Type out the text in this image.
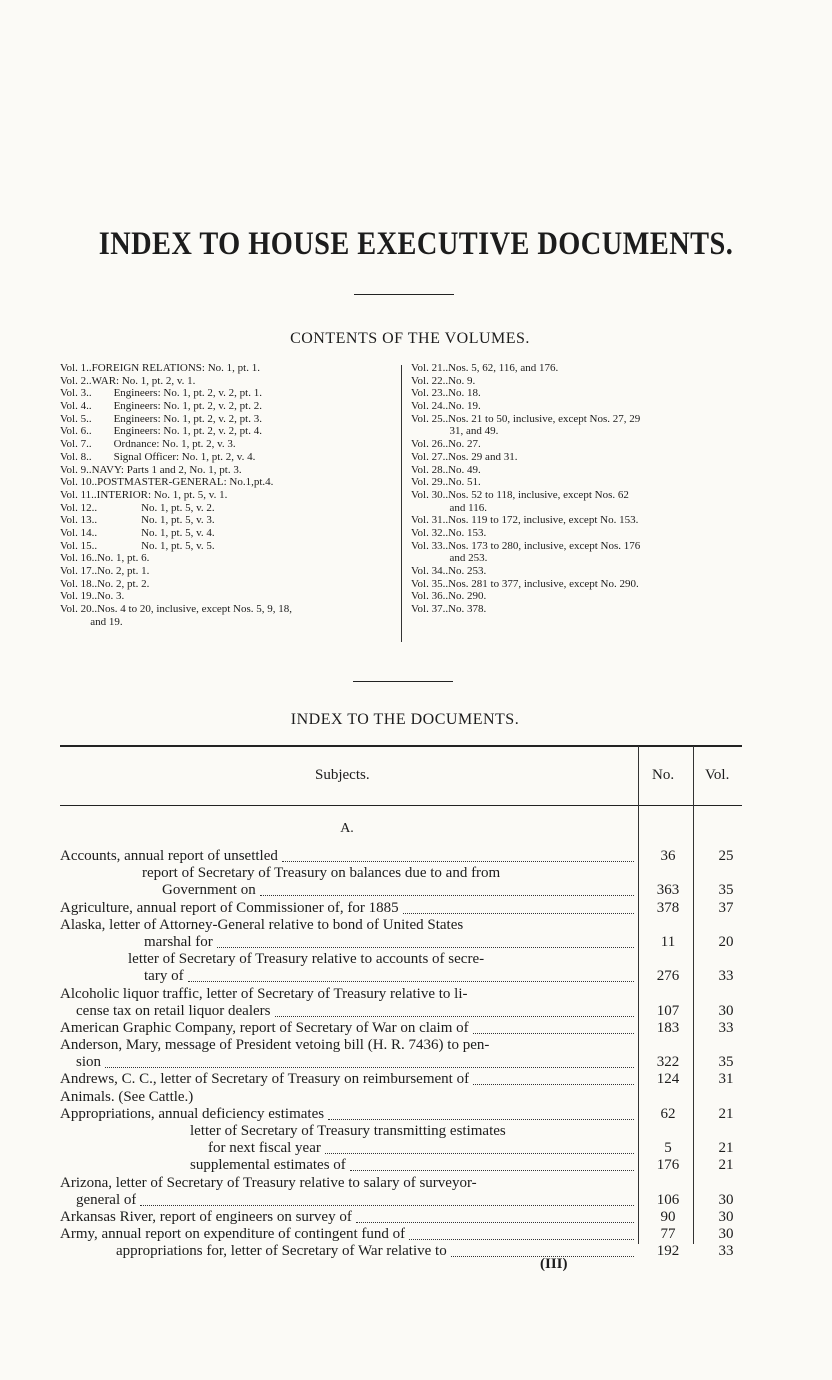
INDEX TO HOUSE EXECUTIVE DOCUMENTS.
CONTENTS OF THE VOLUMES.
Vol. 1..FOREIGN RELATIONS: No. 1, pt. 1.
Vol. 2..WAR: No. 1, pt. 2, v. 1.
Vol. 3..        Engineers: No. 1, pt. 2, v. 2, pt. 1.
Vol. 4..        Engineers: No. 1, pt. 2, v. 2, pt. 2.
Vol. 5..        Engineers: No. 1, pt. 2, v. 2, pt. 3.
Vol. 6..        Engineers: No. 1, pt. 2, v. 2, pt. 4.
Vol. 7..        Ordnance: No. 1, pt. 2, v. 3.
Vol. 8..        Signal Officer: No. 1, pt. 2, v. 4.
Vol. 9..NAVY: Parts 1 and 2, No. 1, pt. 3.
Vol. 10..POSTMASTER-GENERAL: No.1,pt.4.
Vol. 11..INTERIOR: No. 1, pt. 5, v. 1.
Vol. 12..                No. 1, pt. 5, v. 2.
Vol. 13..                No. 1, pt. 5, v. 3.
Vol. 14..                No. 1, pt. 5, v. 4.
Vol. 15..                No. 1, pt. 5, v. 5.
Vol. 16..No. 1, pt. 6.
Vol. 17..No. 2, pt. 1.
Vol. 18..No. 2, pt. 2.
Vol. 19..No. 3.
Vol. 20..Nos. 4 to 20, inclusive, except Nos. 5, 9, 18,
and 19.
Vol. 21..Nos. 5, 62, 116, and 176.
Vol. 22..No. 9.
Vol. 23..No. 18.
Vol. 24..No. 19.
Vol. 25..Nos. 21 to 50, inclusive, except Nos. 27, 29
31, and 49.
Vol. 26..No. 27.
Vol. 27..Nos. 29 and 31.
Vol. 28..No. 49.
Vol. 29..No. 51.
Vol. 30..Nos. 52 to 118, inclusive, except Nos. 62
and 116.
Vol. 31..Nos. 119 to 172, inclusive, except No. 153.
Vol. 32..No. 153.
Vol. 33..Nos. 173 to 280, inclusive, except Nos. 176
and 253.
Vol. 34..No. 253.
Vol. 35..Nos. 281 to 377, inclusive, except No. 290.
Vol. 36..No. 290.
Vol. 37..No. 378.
INDEX TO THE DOCUMENTS.
Subjects.	No. Vol.
A.
Accounts, annual report of unsettled	36	25
report of Secretary of Treasury on balances due to and from
Government on	363	35
Agriculture, annual report of Commissioner of, for 1885	378	37
Alaska, letter of Attorney-General relative to bond of United States
marshal for	11	20
letter of Secretary of Treasury relative to accounts of secre-
tary of	276	33
Alcoholic liquor traffic, letter of Secretary of Treasury relative to li-
cense tax on retail liquor dealers	107	30
American Graphic Company, report of Secretary of War on claim of	183	33
Anderson, Mary, message of President vetoing bill (H. R. 7436) to pen-
sion	322	35
Andrews, C. C., letter of Secretary of Treasury on reimbursement of	124	31
Animals. (See Cattle.)
Appropriations, annual deficiency estimates	62	21
letter of Secretary of Treasury transmitting estimates
for next fiscal year	5	21
supplemental estimates of	176	21
Arizona, letter of Secretary of Treasury relative to salary of surveyor-
general of	106	30
Arkansas River, report of engineers on survey of	90	30
Army, annual report on expenditure of contingent fund of	77	30
appropriations for, letter of Secretary of War relative to	192	33
(III)
